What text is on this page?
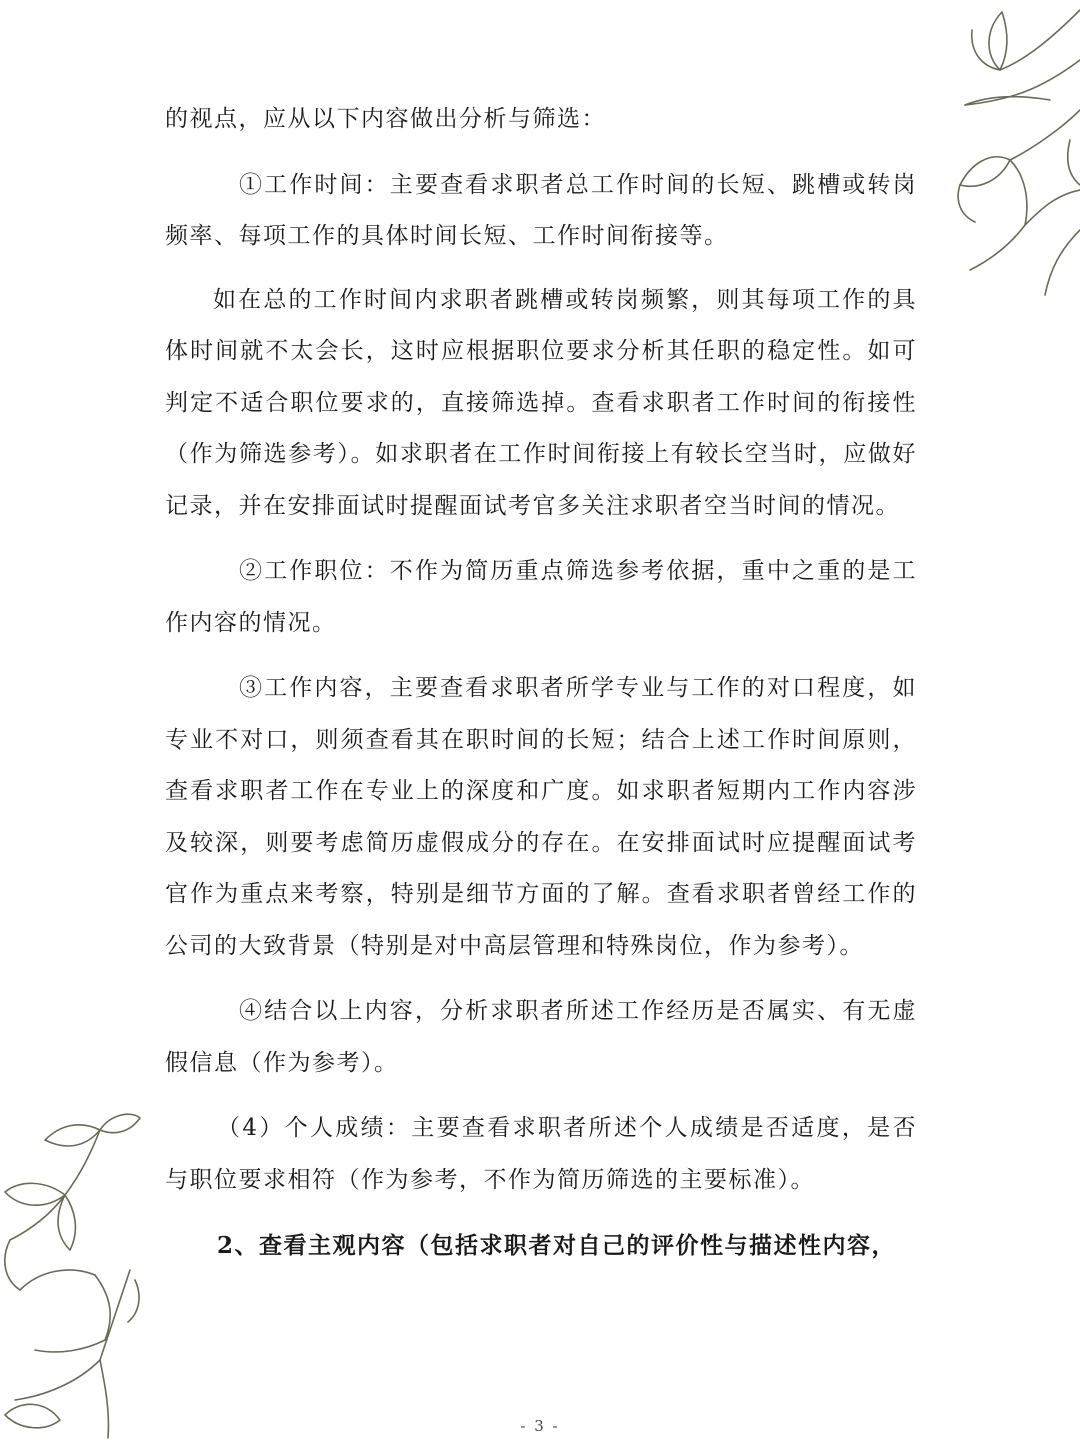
的视点，应从以下内容做出分析与筛选：

①工作时间：主要查看求职者总工作时间的长短、跳槽或转岗频率、每项工作的具体时间长短、工作时间衔接等。

如在总的工作时间内求职者跳槽或转岗频繁，则其每项工作的具体时间就不太会长，这时应根据职位要求分析其任职的稳定性。如可判定不适合职位要求的，直接筛选掉。查看求职者工作时间的衔接性（作为筛选参考）。如求职者在工作时间衔接上有较长空当时，应做好记录，并在安排面试时提醒面试考官多关注求职者空当时间的情况。

②工作职位：不作为简历重点筛选参考依据，重中之重的是工作内容的情况。

③工作内容，主要查看求职者所学专业与工作的对口程度，如专业不对口，则须查看其在职时间的长短；结合上述工作时间原则，查看求职者工作在专业上的深度和广度。如求职者短期内工作内容涉及较深，则要考虑简历虚假成分的存在。在安排面试时应提醒面试考官作为重点来考察，特别是细节方面的了解。查看求职者曾经工作的公司的大致背景（特别是对中高层管理和特殊岗位，作为参考）。

④结合以上内容，分析求职者所述工作经历是否属实、有无虚假信息（作为参考）。

（4）个人成绩：主要查看求职者所述个人成绩是否适度，是否与职位要求相符（作为参考，不作为简历筛选的主要标准）。

2、查看主观内容（包括求职者对自己的评价性与描述性内容，

- 3 -
